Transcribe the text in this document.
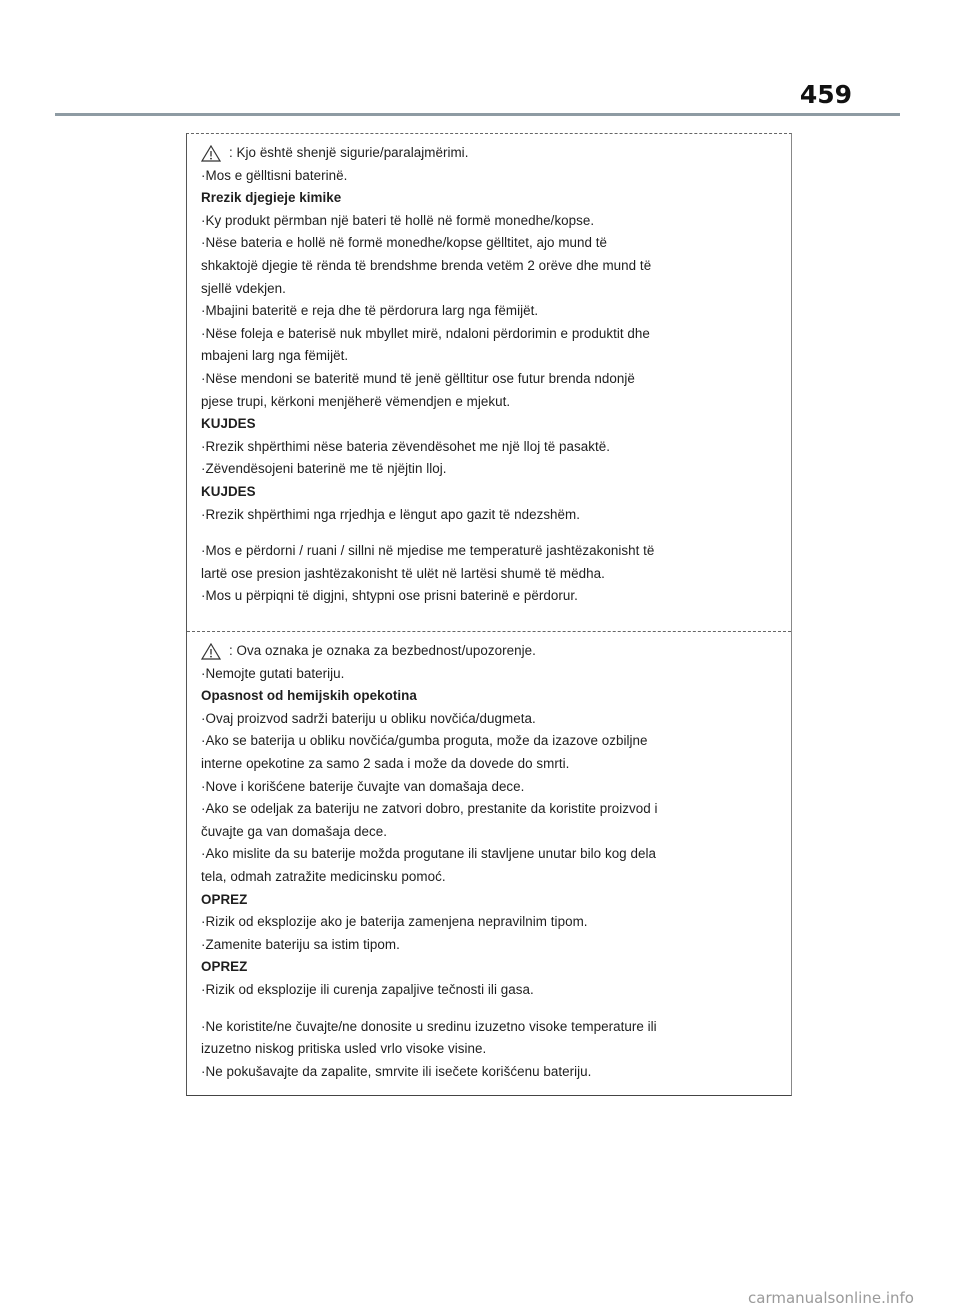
459
: Kjo është shenjë sigurie/paralajmërimi.
·Mos e gëlltisni baterinë.
Rrezik djegieje kimike
·Ky produkt përmban një bateri të hollë në formë monedhe/kopse.
·Nëse bateria e hollë në formë monedhe/kopse gëlltitet, ajo mund të
shkaktojë djegie të rënda të brendshme brenda vetëm 2 orëve dhe mund të
sjellë vdekjen.
·Mbajini bateritë e reja dhe të përdorura larg nga fëmijët.
·Nëse foleja e baterisë nuk mbyllet mirë, ndaloni përdorimin e produktit dhe
mbajeni larg nga fëmijët.
·Nëse mendoni se bateritë mund të jenë gëlltitur ose futur brenda ndonjë
pjese trupi, kërkoni menjëherë vëmendjen e mjekut.
KUJDES
·Rrezik shpërthimi nëse bateria zëvendësohet me një lloj të pasaktë.
·Zëvendësojeni baterinë me të njëjtin lloj.
KUJDES
·Rrezik shpërthimi nga rrjedhja e lëngut apo gazit të ndezshëm.
·Mos e përdorni / ruani / sillni në mjedise me temperaturë jashtëzakonisht të
lartë ose presion jashtëzakonisht të ulët në lartësi shumë të mëdha.
·Mos u përpiqni të digjni, shtypni ose prisni baterinë e përdorur.
: Ova oznaka je oznaka za bezbednost/upozorenje.
·Nemojte gutati bateriju.
Opasnost od hemijskih opekotina
·Ovaj proizvod sadrži bateriju u obliku novčića/dugmeta.
·Ako se baterija u obliku novčića/gumba proguta, može da izazove ozbiljne
interne opekotine za samo 2 sada i može da dovede do smrti.
·Nove i korišćene baterije čuvajte van domašaja dece.
·Ako se odeljak za bateriju ne zatvori dobro, prestanite da koristite proizvod i
čuvajte ga van domašaja dece.
·Ako mislite da su baterije možda progutane ili stavljene unutar bilo kog dela
tela, odmah zatražite medicinsku pomoć.
OPREZ
·Rizik od eksplozije ako je baterija zamenjena nepravilnim tipom.
·Zamenite bateriju sa istim tipom.
OPREZ
·Rizik od eksplozije ili curenja zapaljive tečnosti ili gasa.
·Ne koristite/ne čuvajte/ne donosite u sredinu izuzetno visoke temperature ili
izuzetno niskog pritiska usled vrlo visoke visine.
·Ne pokušavajte da zapalite, smrvite ili isečete korišćenu bateriju.
carmanualsonline.info
